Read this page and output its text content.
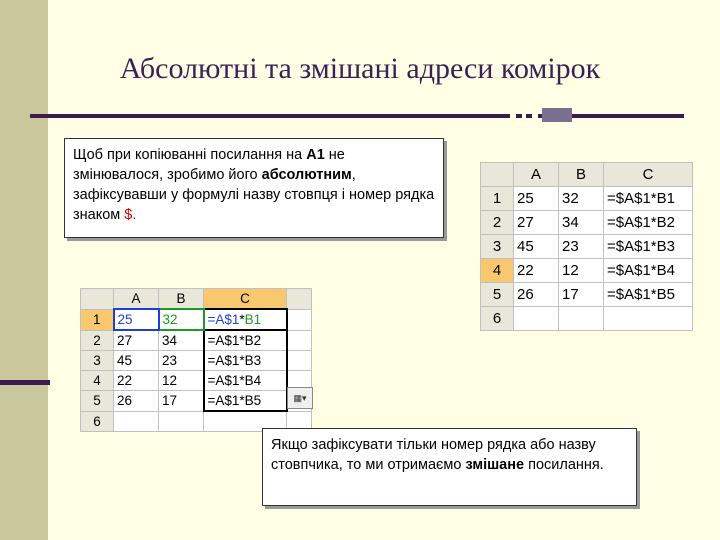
Абсолютні та змішані адреси комірок
Щоб при копіюванні посилання на A1 не змінювалося, зробимо його абсолютним, зафіксувавши у формулі назву стовпця і номер рядка знаком $.
	A	B	C
1	25	32	=$A$1*B1
2	27	34	=$A$1*B2
3	45	23	=$A$1*B3
4	22	12	=$A$1*B4
5	26	17	=$A$1*B5
6			
	A	B	C	
1	25	32	=A$1*B1	
2	27	34	=A$1*B2	
3	45	23	=A$1*B3	
4	22	12	=A$1*B4	
5	26	17	=A$1*B5	
6				
▦▾
Якщо зафіксувати тільки номер рядка або назву стовпчика, то ми отримаємо змішане посилання.
